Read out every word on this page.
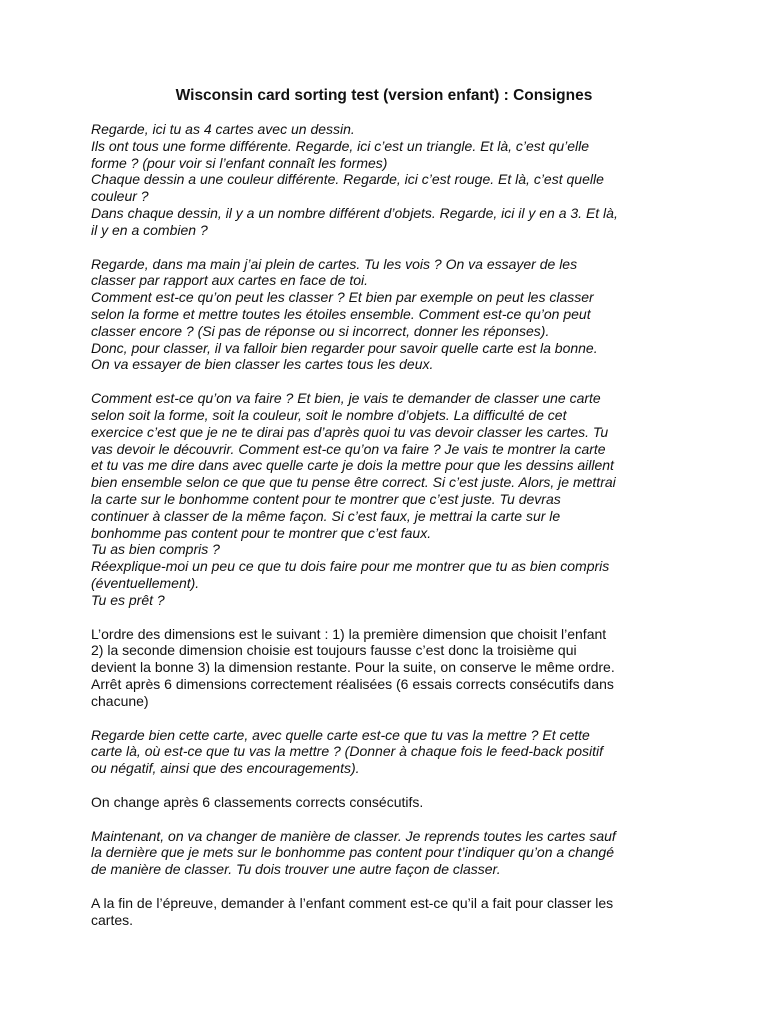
Wisconsin card sorting test (version enfant) : Consignes
Regarde, ici tu as 4 cartes avec un dessin.
Ils ont tous une forme différente. Regarde, ici c’est un triangle. Et là, c’est qu’elle
forme ? (pour voir si l’enfant connaît les formes)
Chaque dessin a une couleur différente. Regarde, ici c’est rouge. Et là, c’est quelle
couleur ?
Dans chaque dessin, il y a un nombre différent d’objets. Regarde, ici il y en a 3. Et là,
il y en a combien ?
Regarde, dans ma main j’ai plein de cartes. Tu les vois ? On va essayer de les
classer par rapport aux cartes en face de toi.
Comment est-ce qu’on peut les classer ? Et bien par exemple on peut les classer
selon la forme et mettre toutes les étoiles ensemble. Comment est-ce qu’on peut
classer encore ? (Si pas de réponse ou si incorrect, donner les réponses).
Donc, pour classer, il va falloir bien regarder pour savoir quelle carte est la bonne.
On va essayer de bien classer les cartes tous les deux.
Comment est-ce qu’on va faire ? Et bien, je vais te demander de classer une carte
selon soit la forme, soit la couleur, soit le nombre d’objets. La difficulté de cet
exercice c’est que je ne te dirai pas d’après quoi tu vas devoir classer les cartes. Tu
vas devoir le découvrir. Comment est-ce qu’on va faire ? Je vais te montrer la carte
et tu vas me dire dans avec quelle carte je dois la mettre pour que les dessins aillent
bien ensemble selon ce que que tu pense être correct. Si c’est juste. Alors, je mettrai
la carte sur le bonhomme content pour te montrer que c’est juste. Tu devras
continuer à classer de la même façon. Si c’est faux, je mettrai la carte sur le
bonhomme pas content pour te montrer que c’est faux.
Tu as bien compris ?
Réexplique-moi un peu ce que tu dois faire pour me montrer que tu as bien compris
(éventuellement).
Tu es prêt ?
L’ordre des dimensions est le suivant : 1) la première dimension que choisit l’enfant
2) la seconde dimension choisie est toujours fausse c’est donc la troisième qui
devient la bonne 3) la dimension restante. Pour la suite, on conserve le même ordre.
Arrêt après 6 dimensions correctement réalisées (6 essais corrects consécutifs dans
chacune)
Regarde bien cette carte, avec quelle carte est-ce que tu vas la mettre ? Et cette
carte là, où est-ce que tu vas la mettre ? (Donner à chaque fois le feed-back positif
ou négatif, ainsi que des encouragements).
On change après 6 classements corrects consécutifs.
Maintenant, on va changer de manière de classer. Je reprends toutes les cartes sauf
la dernière que je mets sur le bonhomme pas content pour t’indiquer qu’on a changé
de manière de classer. Tu dois trouver une autre façon de classer.
A la fin de l’épreuve, demander à l’enfant comment est-ce qu’il a fait pour classer les
cartes.
